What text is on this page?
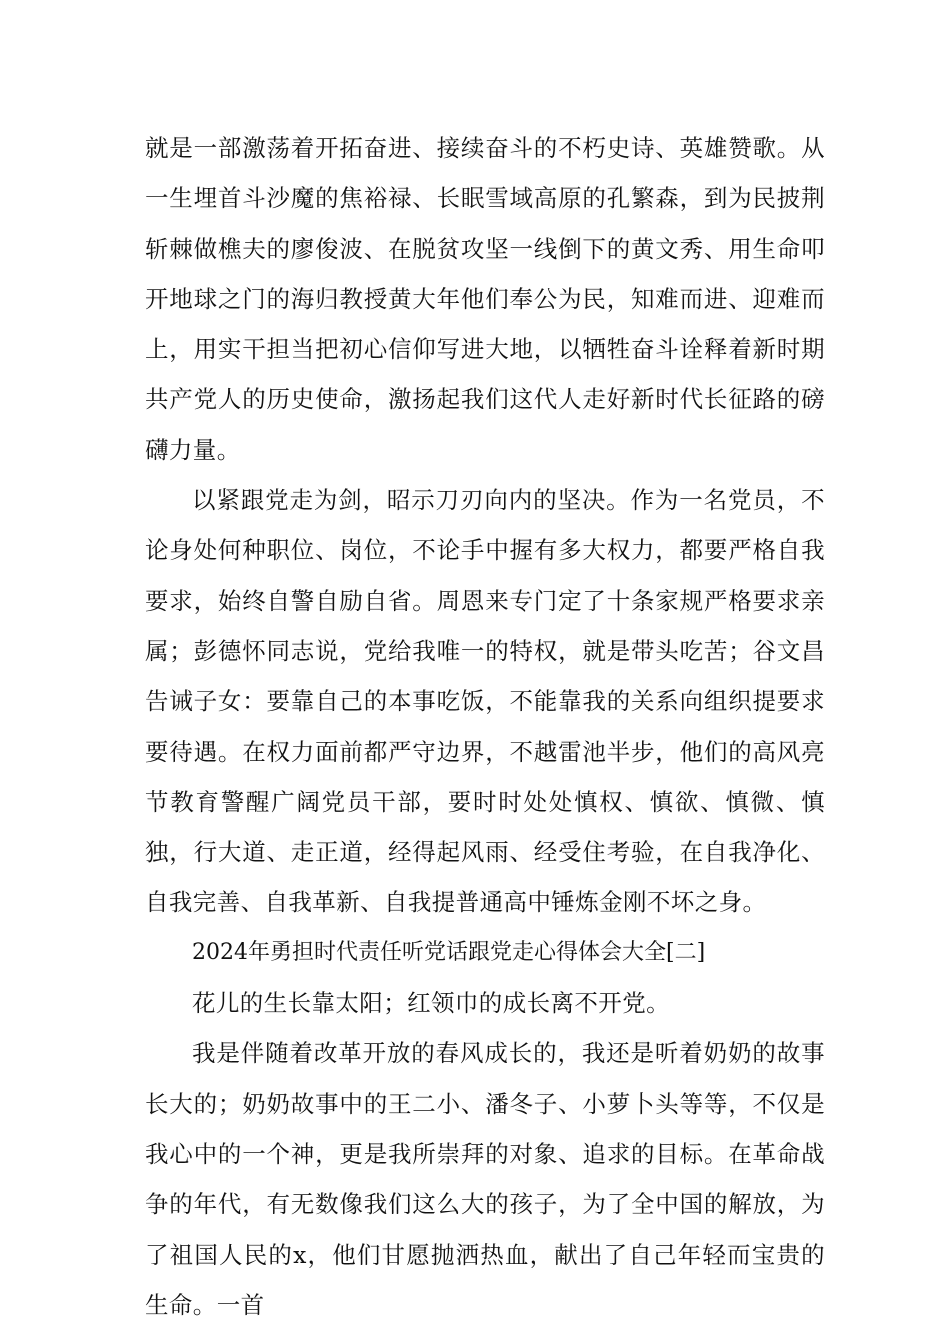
就是一部激荡着开拓奋进、接续奋斗的不朽史诗、英雄赞歌。从一生埋首斗沙魔的焦裕禄、长眠雪域高原的孔繁森，到为民披荆斩棘做樵夫的廖俊波、在脱贫攻坚一线倒下的黄文秀、用生命叩开地球之门的海归教授黄大年他们奉公为民，知难而进、迎难而上，用实干担当把初心信仰写进大地，以牺牲奋斗诠释着新时期共产党人的历史使命，激扬起我们这代人走好新时代长征路的磅礴力量。

以紧跟党走为剑，昭示刀刃向内的坚决。作为一名党员，不论身处何种职位、岗位，不论手中握有多大权力，都要严格自我要求，始终自警自励自省。周恩来专门定了十条家规严格要求亲属；彭德怀同志说，党给我唯一的特权，就是带头吃苦；谷文昌告诫子女：要靠自己的本事吃饭，不能靠我的关系向组织提要求要待遇。在权力面前都严守边界，不越雷池半步，他们的高风亮节教育警醒广阔党员干部，要时时处处慎权、慎欲、慎微、慎独，行大道、走正道，经得起风雨、经受住考验，在自我净化、自我完善、自我革新、自我提普通高中锤炼金刚不坏之身。

2024年勇担时代责任听党话跟党走心得体会大全[二]

花儿的生长靠太阳；红领巾的成长离不开党。

我是伴随着改革开放的春风成长的，我还是听着奶奶的故事长大的；奶奶故事中的王二小、潘冬子、小萝卜头等等，不仅是我心中的一个神，更是我所崇拜的对象、追求的目标。在革命战争的年代，有无数像我们这么大的孩子，为了全中国的解放，为了祖国人民的x，他们甘愿抛洒热血，献出了自己年轻而宝贵的生命。一首
